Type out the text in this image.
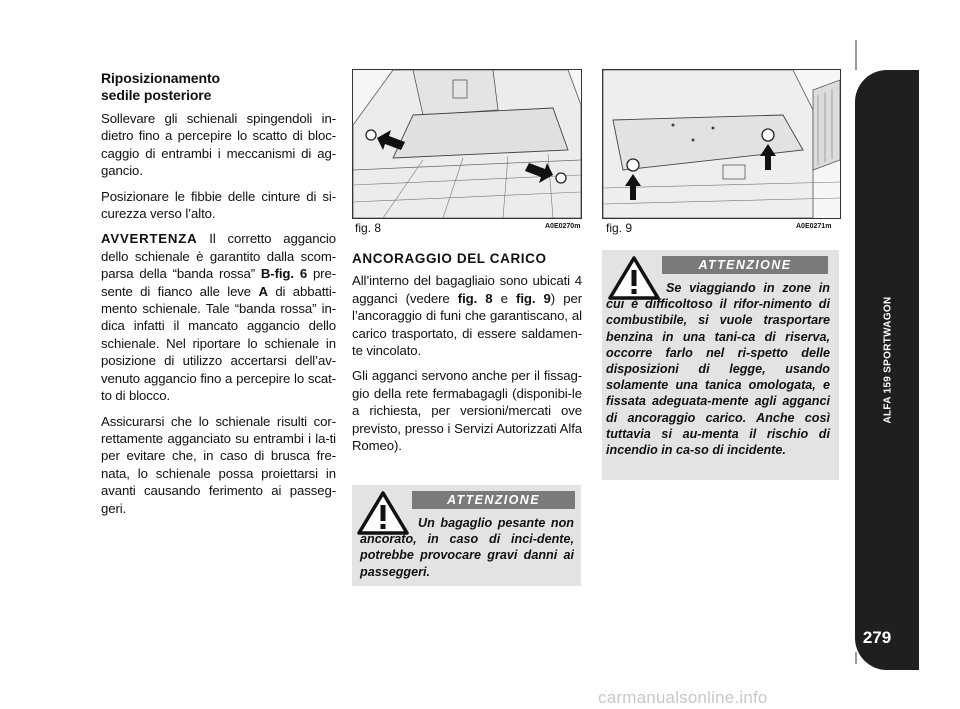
Riposizionamento
sedile posteriore

Sollevare gli schienali spingendoli in-dietro fino a percepire lo scatto di bloc-caggio di entrambi i meccanismi di ag-gancio.

Posizionare le fibbie delle cinture di si-curezza verso l’alto.

AVVERTENZA Il corretto aggancio dello schienale è garantito dalla scom-parsa della “banda rossa” B-fig. 6 pre-sente di fianco alle leve A di abbatti-mento schienale. Tale “banda rossa” in-dica infatti il mancato aggancio dello schienale. Nel riportare lo schienale in posizione di utilizzo accertarsi dell’av-venuto aggancio fino a percepire lo scat-to di blocco.

Assicurarsi che lo schienale risulti cor-rettamente agganciato su entrambi i la-ti per evitare che, in caso di brusca fre-nata, lo schienale possa proiettarsi in avanti causando ferimento ai passeg-geri.

fig. 8	A0E0270m fig. 9	A0E0271m
ANCORAGGIO DEL CARICO

All’interno del bagagliaio sono ubicati 4 agganci (vedere fig. 8 e fig. 9) per l’ancoraggio di funi che garantiscano, al carico trasportato, di essere saldamen-te vincolato.

Gli agganci servono anche per il fissag-gio della rete fermabagagli (disponibi-le a richiesta, per versioni/mercati ove previsto, presso i Servizi Autorizzati Alfa Romeo).

ATTENZIONE
Un bagaglio pesante non ancorato, in caso di inci-dente, potrebbe provocare gravi danni ai passeggeri.
ATTENZIONE
Se viaggiando in zone in cui è difficoltoso il rifor-nimento di combustibile, si vuole trasportare benzina in una tani-ca di riserva, occorre farlo nel ri-spetto delle disposizioni di legge, usando solamente una tanica omologata, e fissata adeguata-mente agli agganci di ancoraggio carico. Anche così tuttavia si au-menta il rischio di incendio in ca-so di incidente.
ALFA 159 SPORTWAGON
279
carmanualsonline.info
